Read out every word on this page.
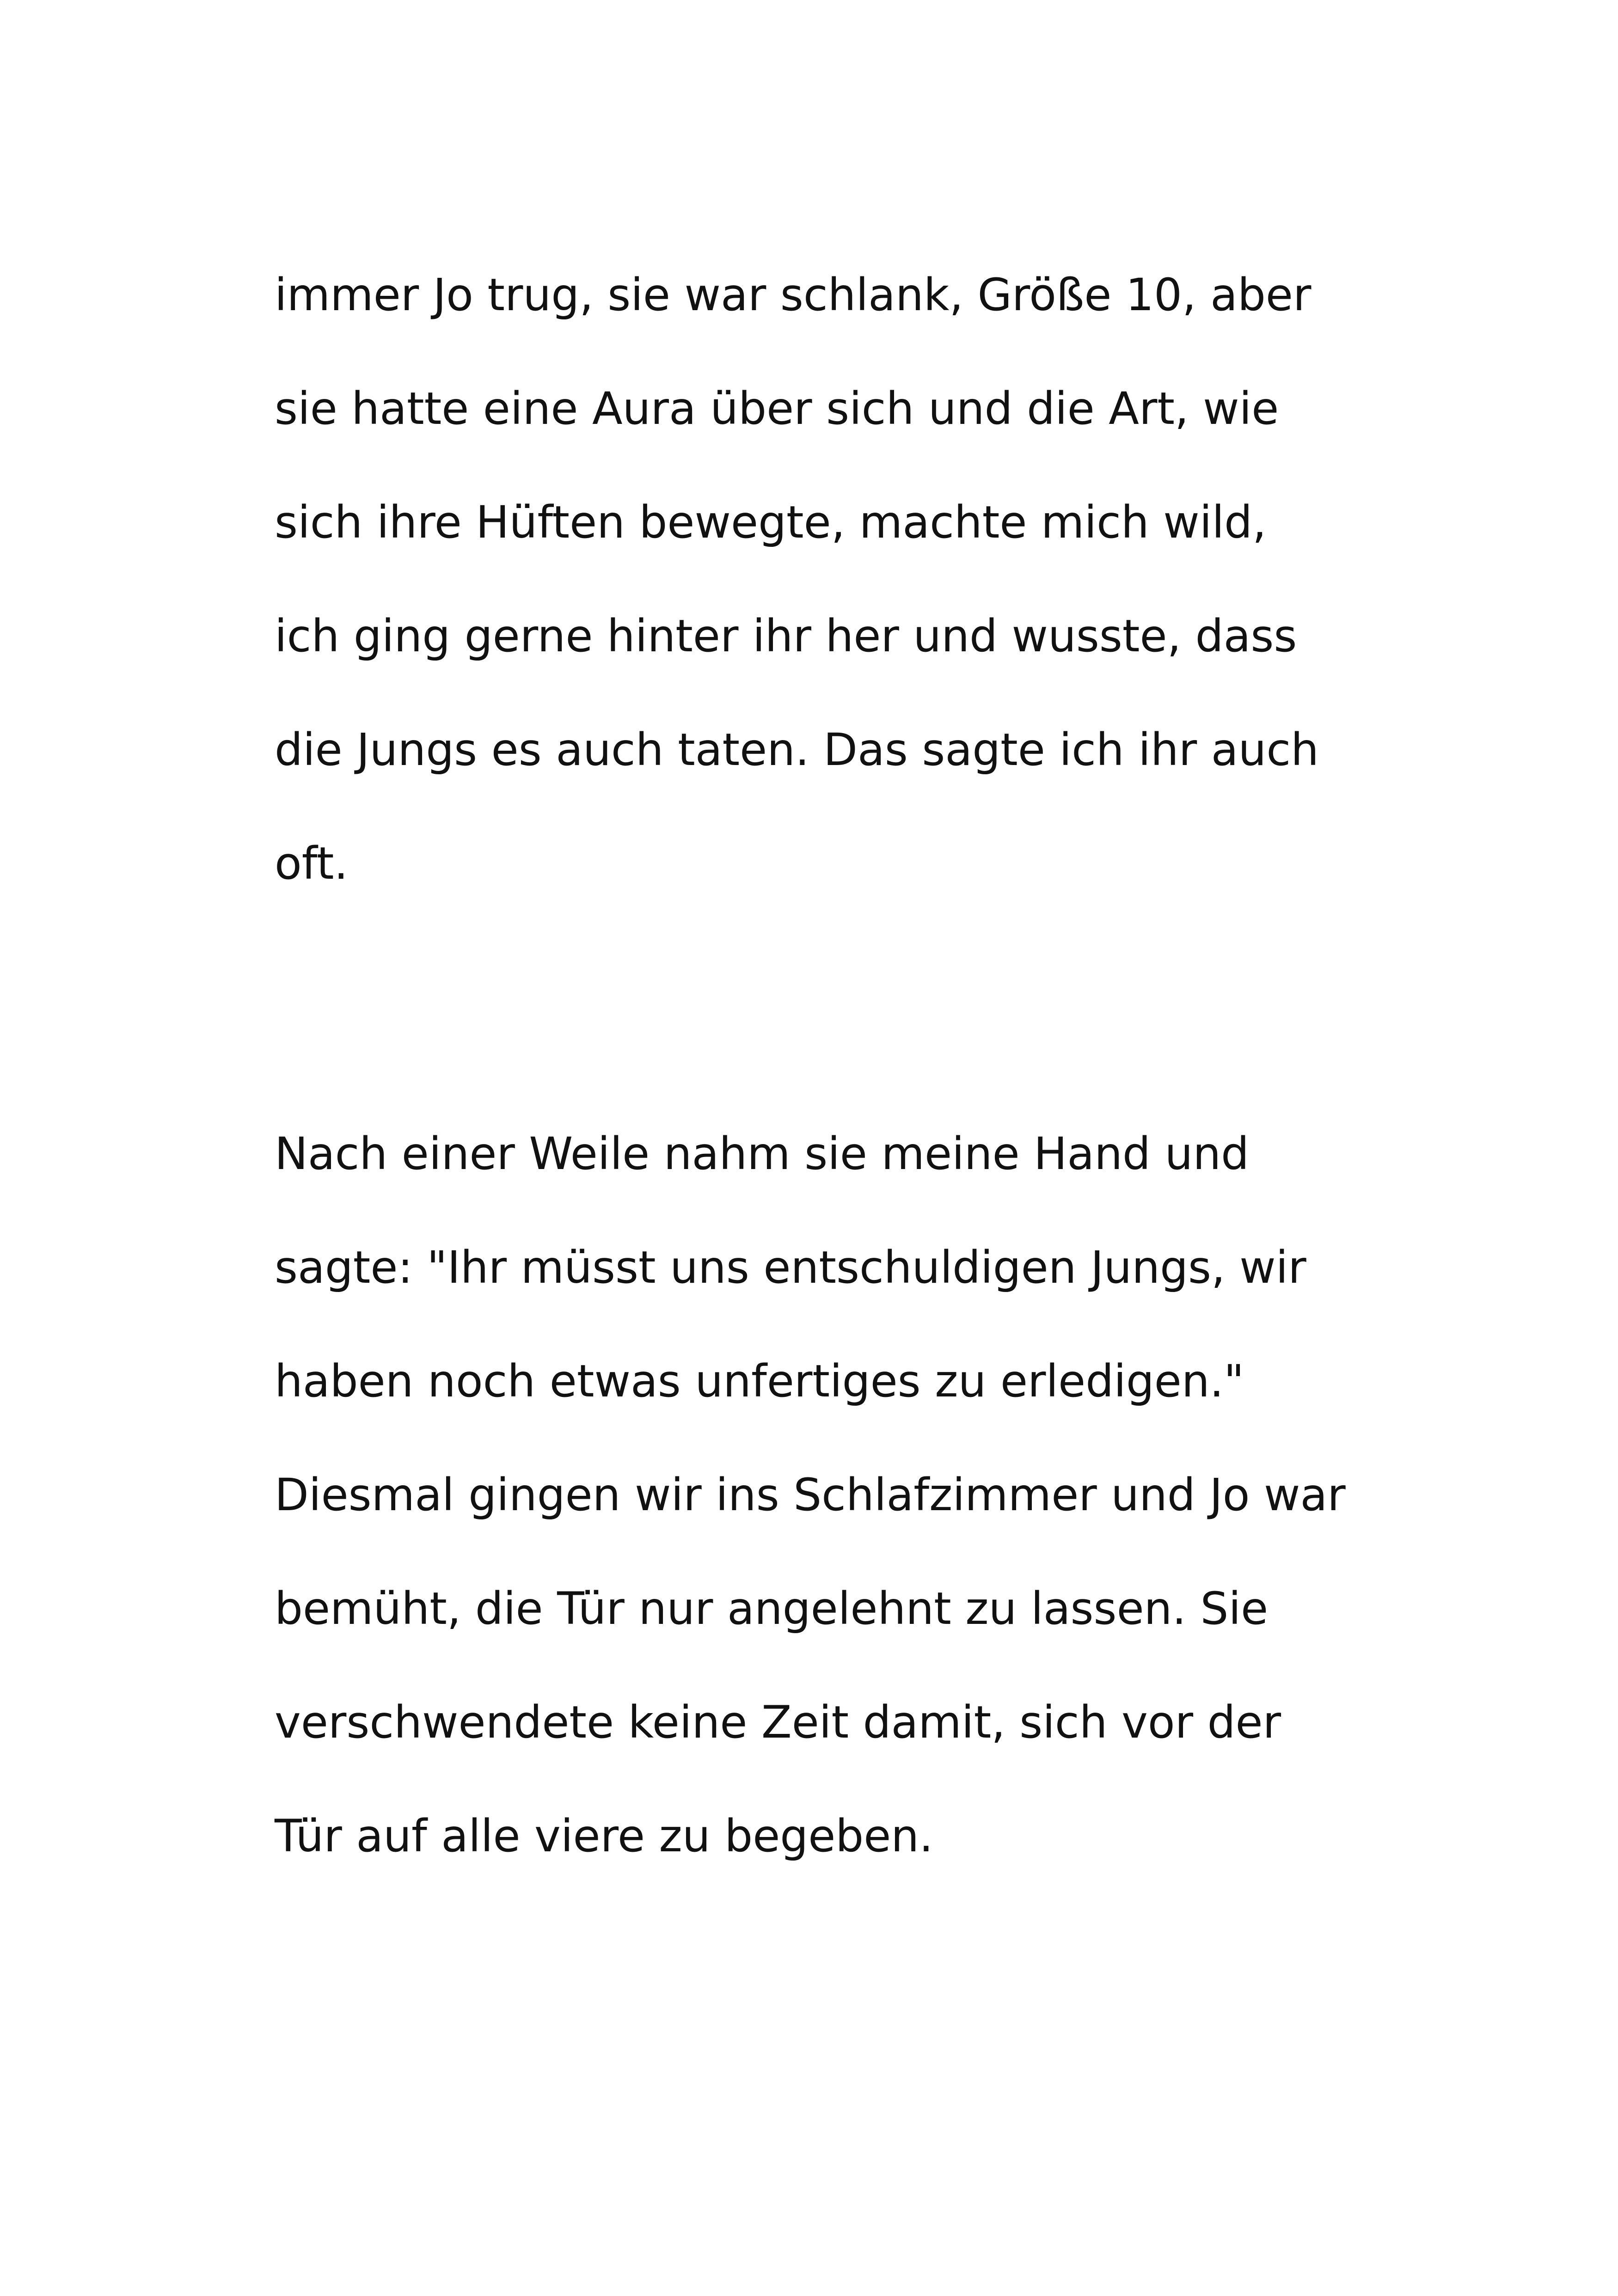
immer Jo trug, sie war schlank, Größe 10, aber
sie hatte eine Aura über sich und die Art, wie
sich ihre Hüften bewegte, machte mich wild,
ich ging gerne hinter ihr her und wusste, dass
die Jungs es auch taten. Das sagte ich ihr auch
oft.
Nach einer Weile nahm sie meine Hand und
sagte: "Ihr müsst uns entschuldigen Jungs, wir
haben noch etwas unfertiges zu erledigen."
Diesmal gingen wir ins Schlafzimmer und Jo war
bemüht, die Tür nur angelehnt zu lassen. Sie
verschwendete keine Zeit damit, sich vor der
Tür auf alle viere zu begeben.
